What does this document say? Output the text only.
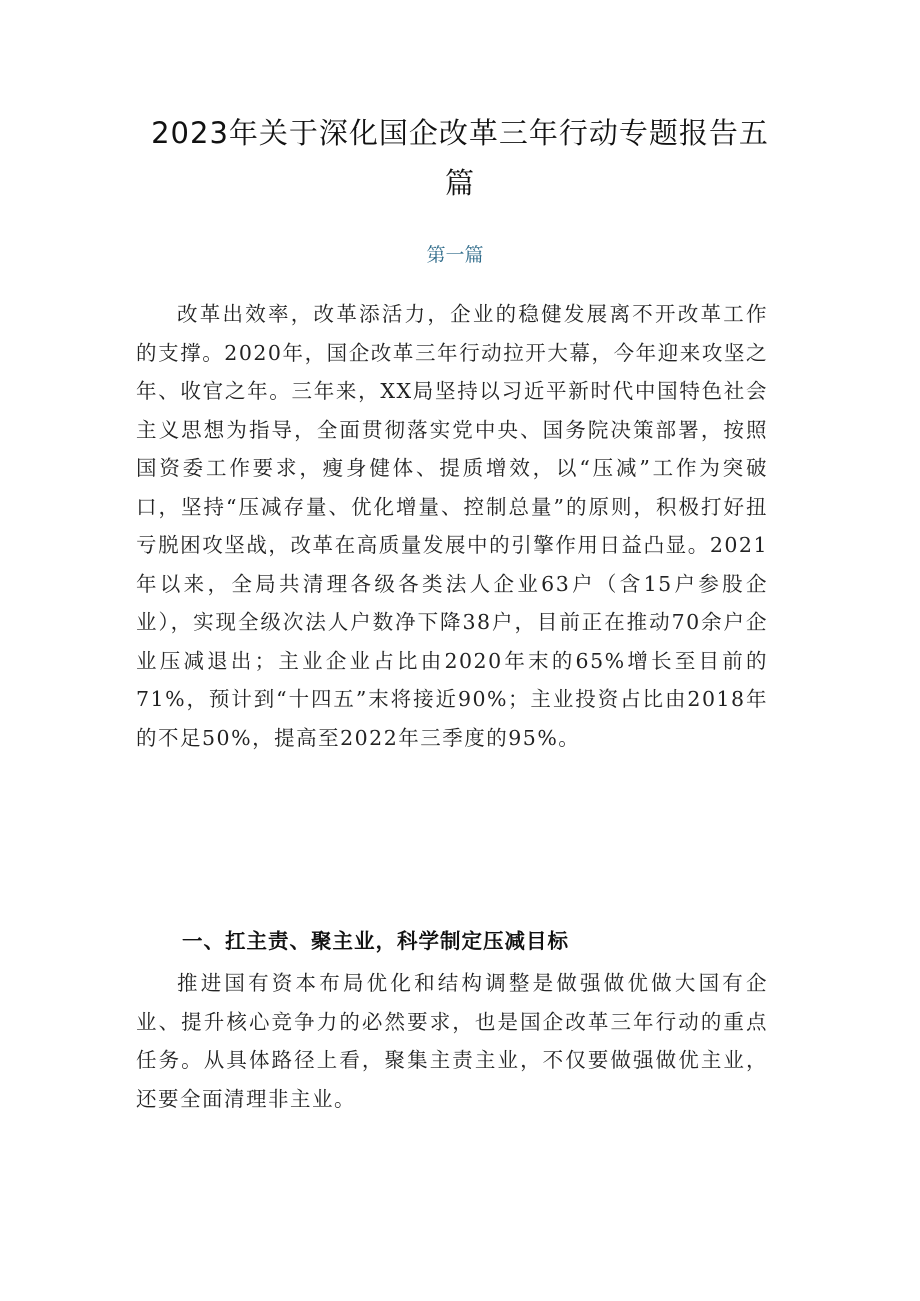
2023年关于深化国企改革三年行动专题报告五篇
第一篇

改革出效率，改革添活力，企业的稳健发展离不开改革工作的支撑。2020年，国企改革三年行动拉开大幕，今年迎来攻坚之年、收官之年。三年来，XX局坚持以习近平新时代中国特色社会主义思想为指导，全面贯彻落实党中央、国务院决策部署，按照国资委工作要求，瘦身健体、提质增效，以“压减”工作为突破口，坚持“压减存量、优化增量、控制总量”的原则，积极打好扭亏脱困攻坚战，改革在高质量发展中的引擎作用日益凸显。2021年以来，全局共清理各级各类法人企业63户（含15户参股企业），实现全级次法人户数净下降38户，目前正在推动70余户企业压减退出；主业企业占比由2020年末的65%增长至目前的71%，预计到“十四五”末将接近90%；主业投资占比由2018年的不足50%，提高至2022年三季度的95%。

一、扛主责、聚主业，科学制定压减目标

推进国有资本布局优化和结构调整是做强做优做大国有企业、提升核心竞争力的必然要求，也是国企改革三年行动的重点任务。从具体路径上看，聚集主责主业，不仅要做强做优主业，还要全面清理非主业。
